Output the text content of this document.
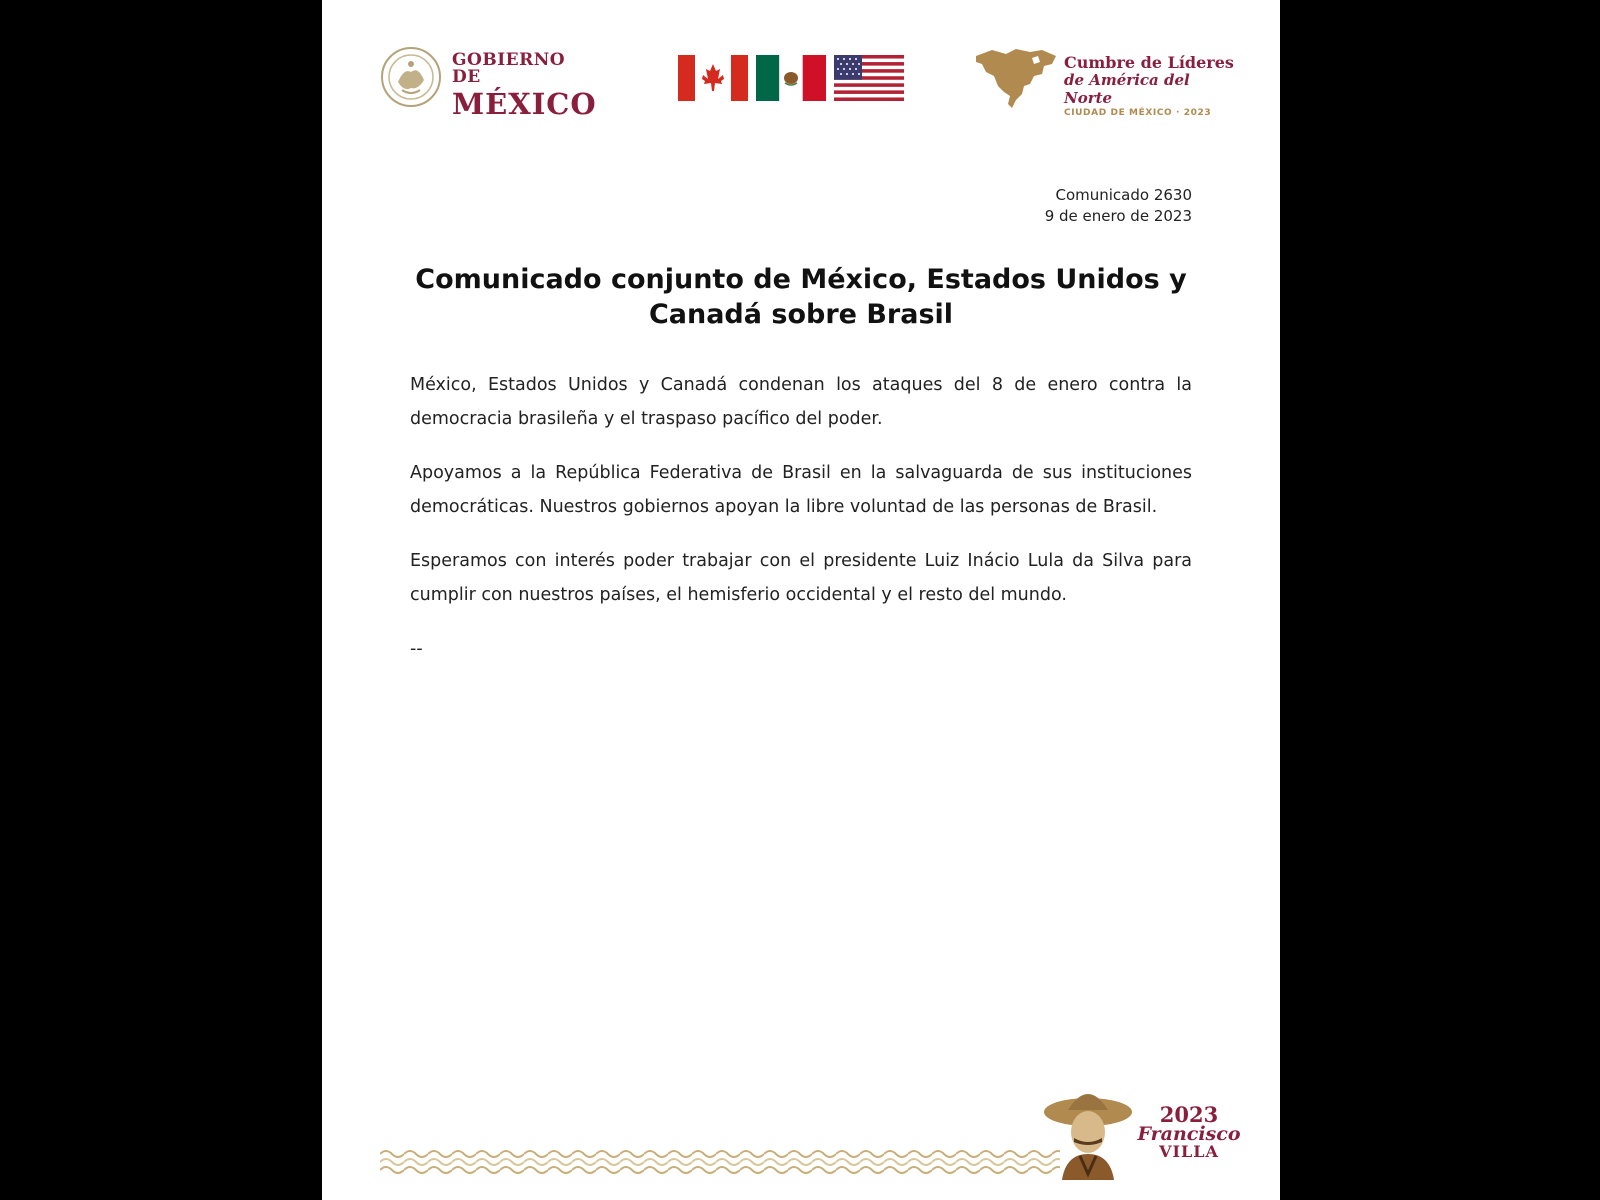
GOBIERNO DE
MÉXICO
Cumbre de Líderes
de América del Norte
CIUDAD DE MÉXICO · 2023
Comunicado 2630
9 de enero de 2023
Comunicado conjunto de México, Estados Unidos y Canadá sobre Brasil

México, Estados Unidos y Canadá condenan los ataques del 8 de enero contra la democracia brasileña y el traspaso pacífico del poder.

Apoyamos a la República Federativa de Brasil en la salvaguarda de sus instituciones democráticas. Nuestros gobiernos apoyan la libre voluntad de las personas de Brasil.

Esperamos con interés poder trabajar con el presidente Luiz Inácio Lula da Silva para cumplir con nuestros países, el hemisferio occidental y el resto del mundo.

--
2023
Francisco
VILLA
